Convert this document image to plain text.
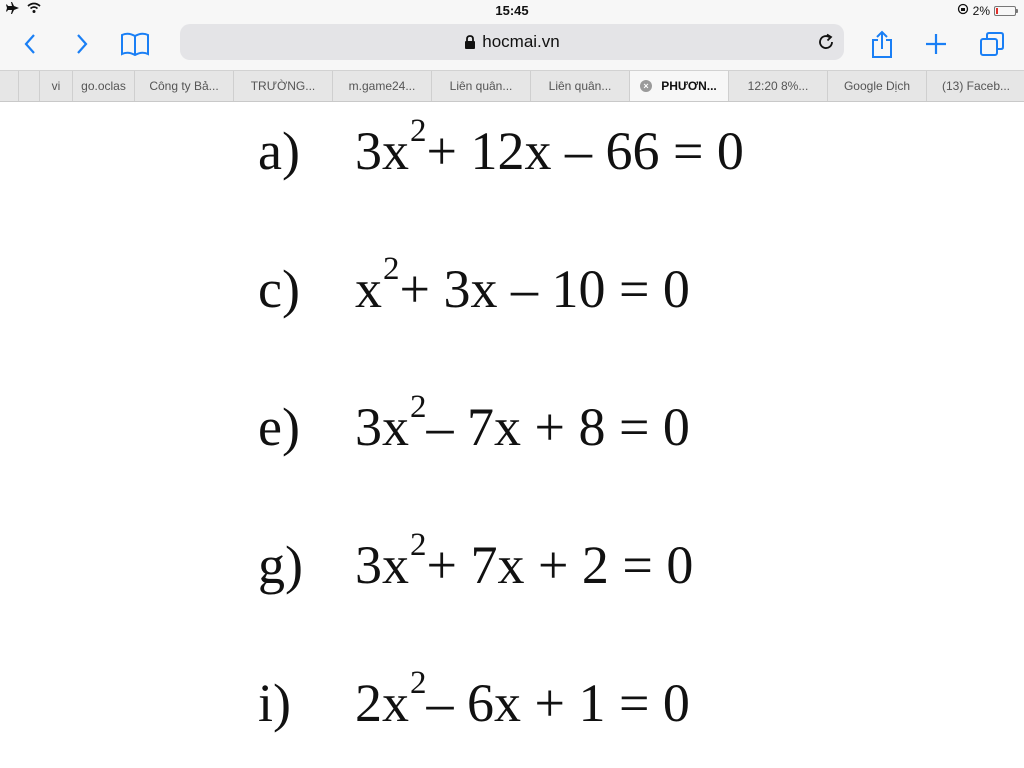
15:45	2%
hocmai.vn
vi	go.oclas	Công ty Bả...	TRƯỜNG...	m.game24...	Liên quân...	Liên quân...	× PHƯƠN...	12:20 8%...	Google Dịch	(13) Faceb...
a)	3x 2 + 12x – 66 = 0
c)	x 2 + 3x – 10 = 0
e)	3x 2 – 7x + 8 = 0
g) 3x 2 + 7x + 2 = 0
i)	2x 2 – 6x + 1 = 0
